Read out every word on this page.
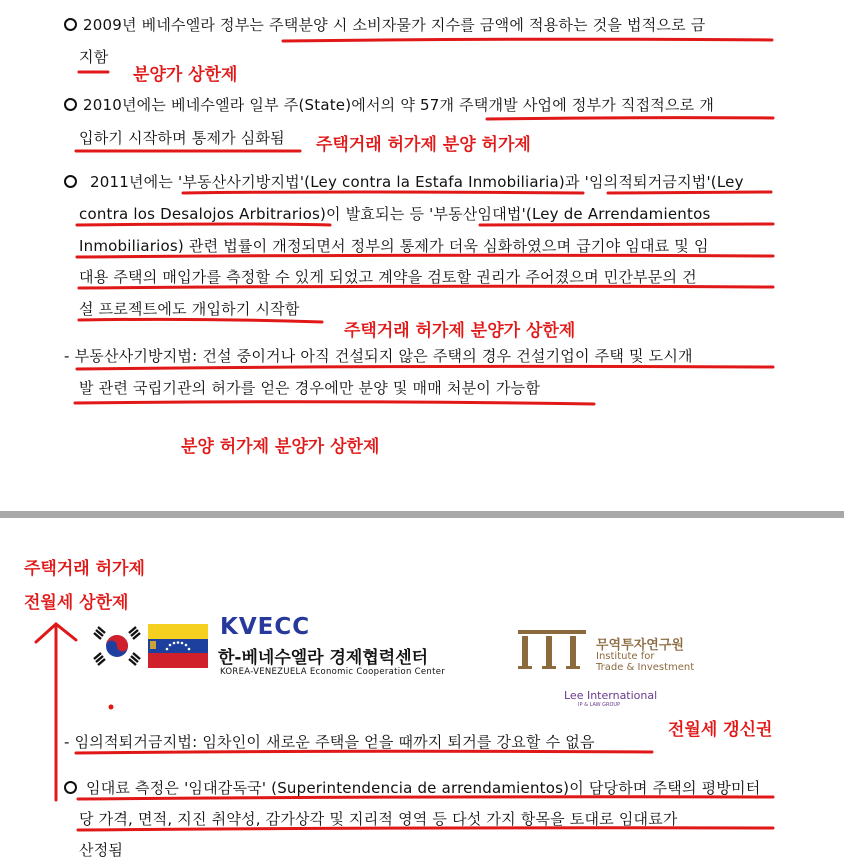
2009년 베네수엘라 정부는 주택분양 시 소비자물가 지수를 금액에 적용하는 것을 법적으로 금
지함
2010년에는 베네수엘라 일부 주(State)에서의 약 57개 주택개발 사업에 정부가 직접적으로 개
입하기 시작하며 통제가 심화됨
2011년에는 '부동산사기방지법'(Ley contra la Estafa Inmobiliaria)과 '임의적퇴거금지법'(Ley
contra los Desalojos Arbitrarios)이 발효되는 등 '부동산임대법'(Ley de Arrendamientos
Inmobiliarios) 관련 법률이 개정되면서 정부의 통제가 더욱 심화하였으며 급기야 임대료 및 임
대용 주택의 매입가를 측정할 수 있게 되었고 계약을 검토할 권리가 주어졌으며 민간부문의 건
설 프로젝트에도 개입하기 시작함
- 부동산사기방지법: 건설 중이거나 아직 건설되지 않은 주택의 경우 건설기업이 주택 및 도시개
발 관련 국립기관의 허가를 얻은 경우에만 분양 및 매매 처분이 가능함
분양가 상한제
주택거래 허가제 분양 허가제
주택거래 허가제 분양가 상한제
분양 허가제 분양가 상한제
주택거래 허가제
전월세 상한제
전월세 갱신권
KVECC
한-베네수엘라 경제협력센터
KOREA-VENEZUELA Economic Cooperation Center
무역투자연구원
Institute for
Trade & Investment
Lee International
IP & LAW GROUP
- 임의적퇴거금지법: 임차인이 새로운 주택을 얻을 때까지 퇴거를 강요할 수 없음
임대료 측정은 '임대감독국' (Superintendencia de arrendamientos)이 담당하며 주택의 평방미터
당 가격, 면적, 지진 취약성, 감가상각 및 지리적 영역 등 다섯 가지 항목을 토대로 임대료가
산정됨
